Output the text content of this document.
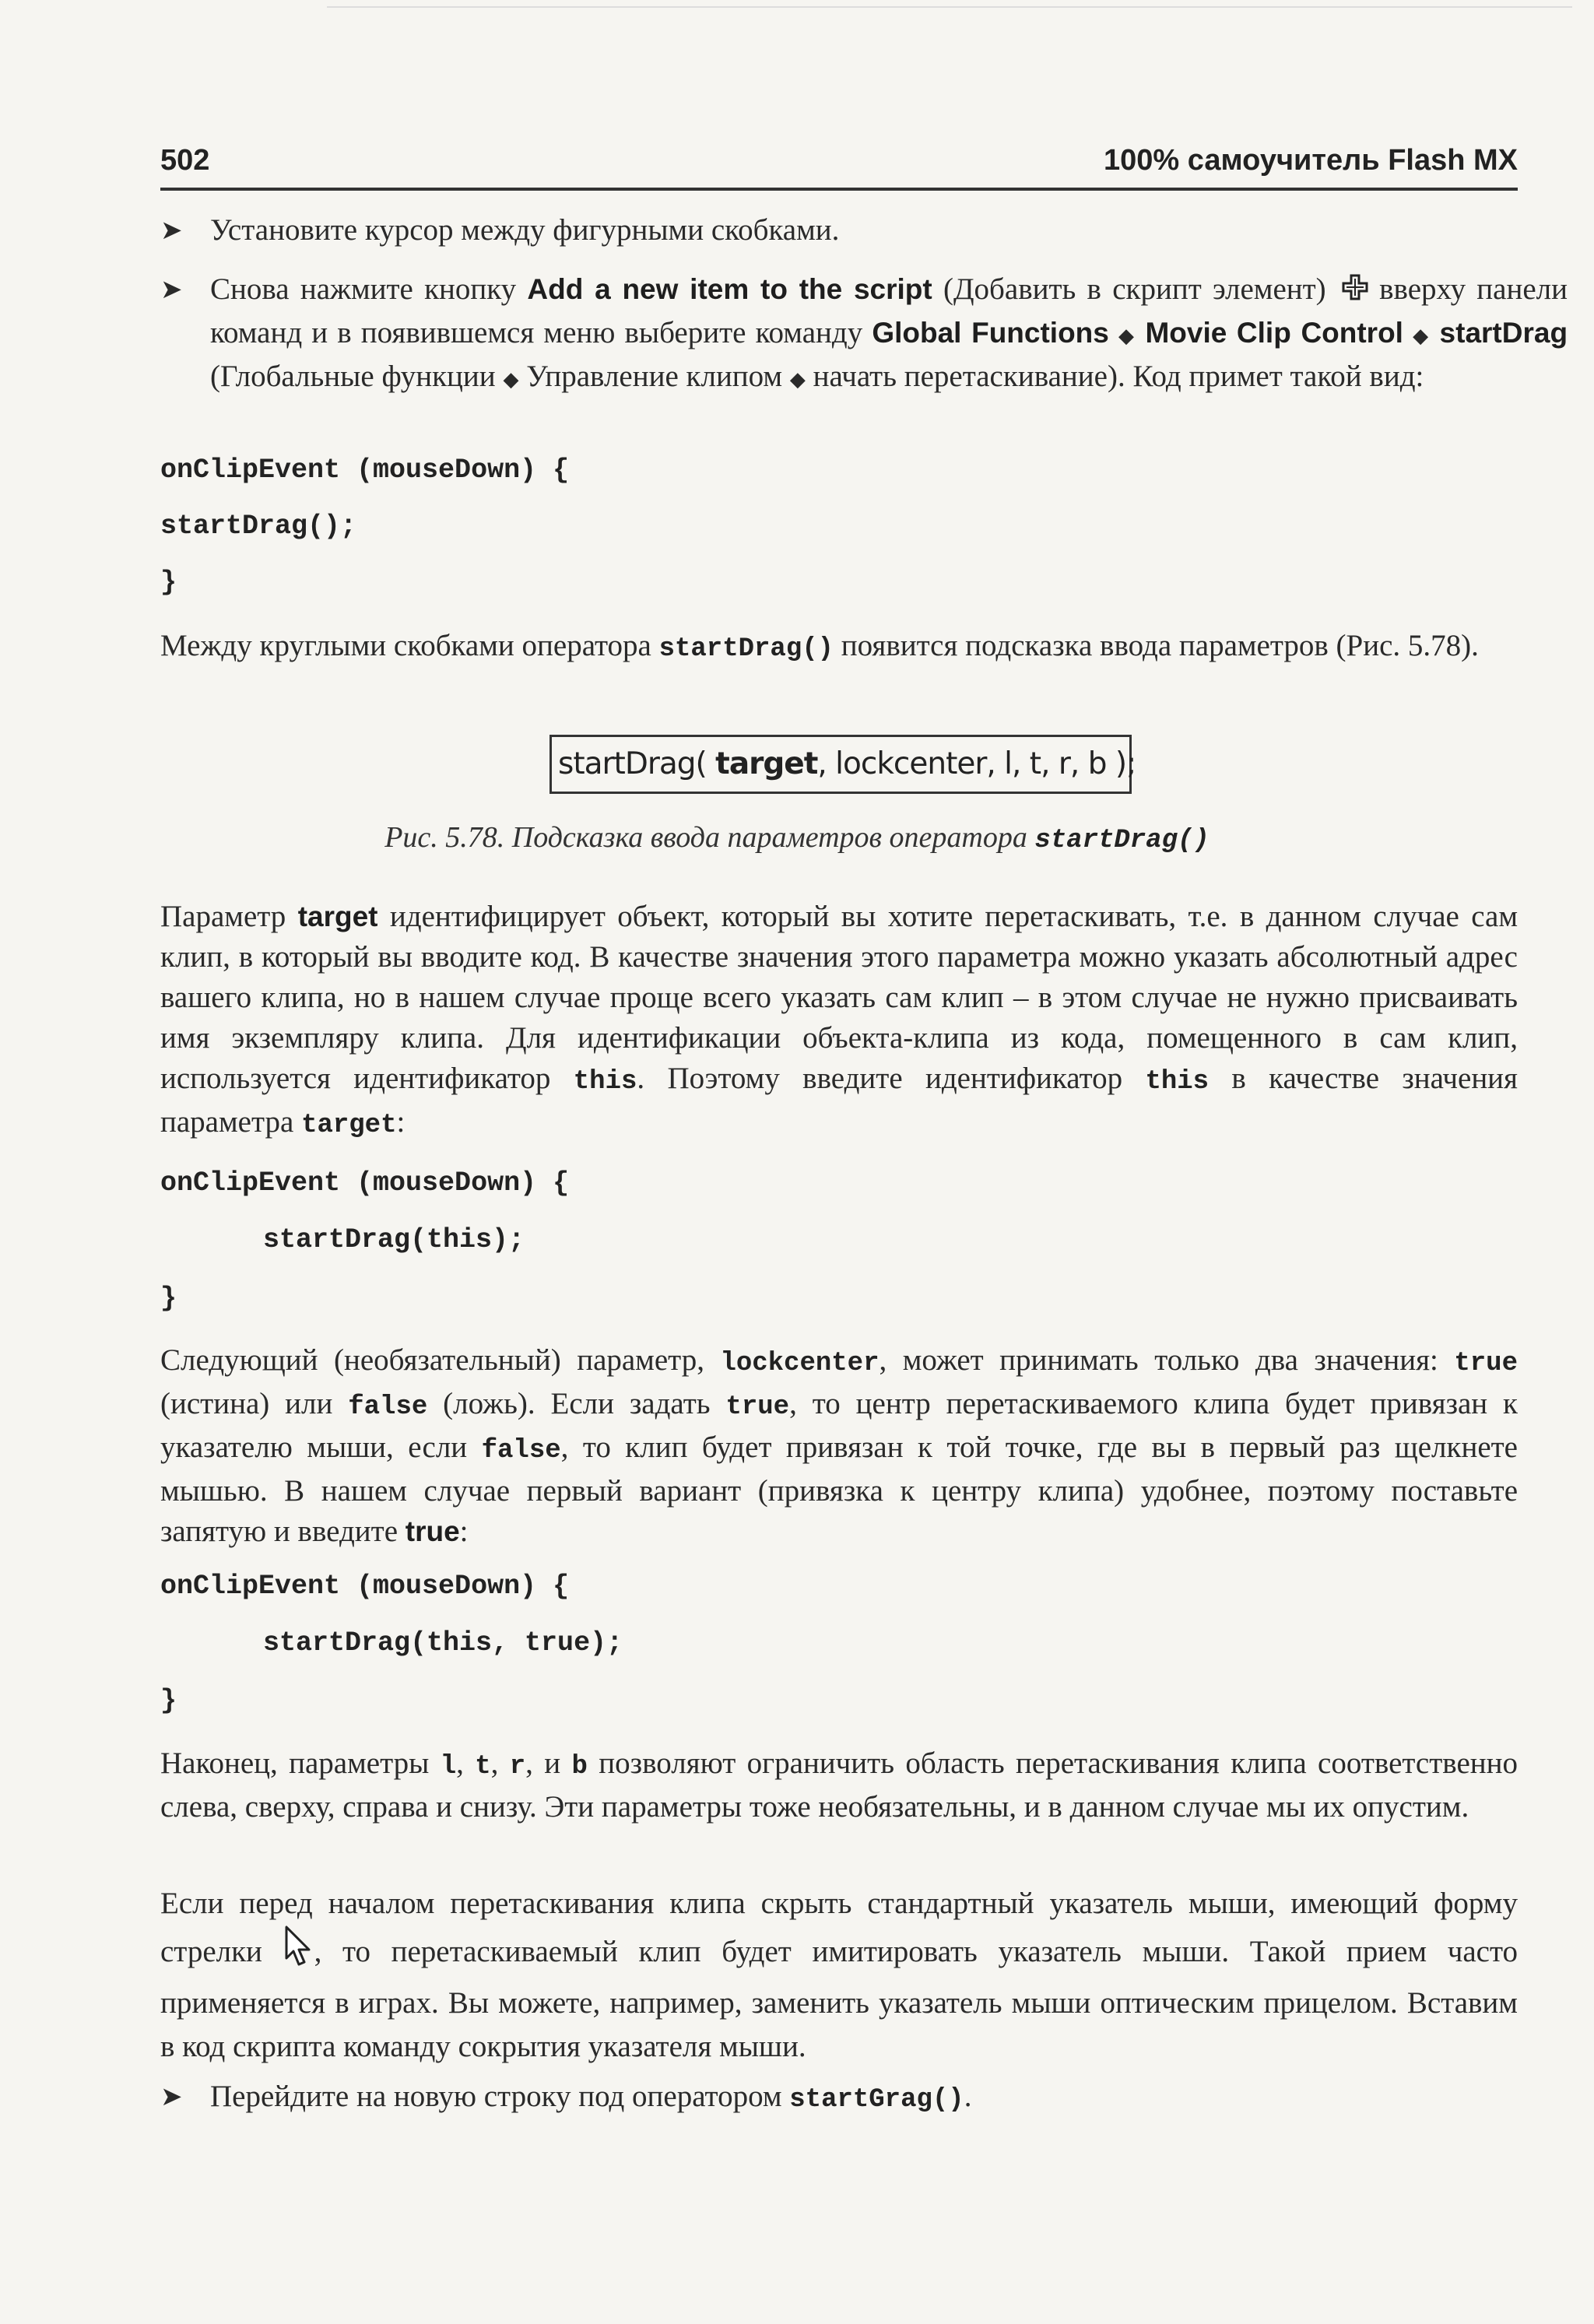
502	100% самоучитель Flash MX
➤ Установите курсор между фигурными скобками.
➤ Снова нажмите кнопку Add a new item to the script (Добавить в скрипт элемент)  вверху панели команд и в появившемся меню выберите команду Global Functions ◆ Movie Clip Control ◆ startDrag (Глобальные функции ◆ Управление клипом ◆ начать перетаскивание). Код примет такой вид:
onClipEvent (mouseDown) {
startDrag();
}
Между круглыми скобками оператора startDrag() появится подсказка ввода параметров (Рис. 5.78).
startDrag( target, lockcenter, l, t, r, b );
Рис. 5.78. Подсказка ввода параметров оператора startDrag()
Параметр target идентифицирует объект, который вы хотите перетаскивать, т.е. в данном случае сам клип, в который вы вводите код. В качестве значения этого параметра можно указать абсолютный адрес вашего клипа, но в нашем случае проще всего указать сам клип – в этом случае не нужно присваивать имя экземпляру клипа. Для идентификации объекта-клипа из кода, помещенного в сам клип, используется идентификатор this. Поэтому введите идентификатор this в качестве значения параметра target:
onClipEvent (mouseDown) {
startDrag(this);
}
Следующий (необязательный) параметр, lockcenter, может принимать только два значения: true (истина) или false (ложь). Если задать true, то центр перетаскиваемого клипа будет привязан к указателю мыши, если false, то клип будет привязан к той точке, где вы в первый раз щелкнете мышью. В нашем случае первый вариант (привязка к центру клипа) удобнее, поэтому поставьте запятую и введите true:
onClipEvent (mouseDown) {
startDrag(this, true);
}
Наконец, параметры l, t, r, и b позволяют ограничить область перетаскивания клипа соответственно слева, сверху, справа и снизу. Эти параметры тоже необязательны, и в данном случае мы их опустим.
Если перед началом перетаскивания клипа скрыть стандартный указатель мыши, имеющий форму стрелки , то перетаскиваемый клип будет имитировать указатель мыши. Такой прием часто применяется в играх. Вы можете, например, заменить указатель мыши оптическим прицелом. Вставим в код скрипта команду сокрытия указателя мыши.
➤ Перейдите на новую строку под оператором startGrag().
